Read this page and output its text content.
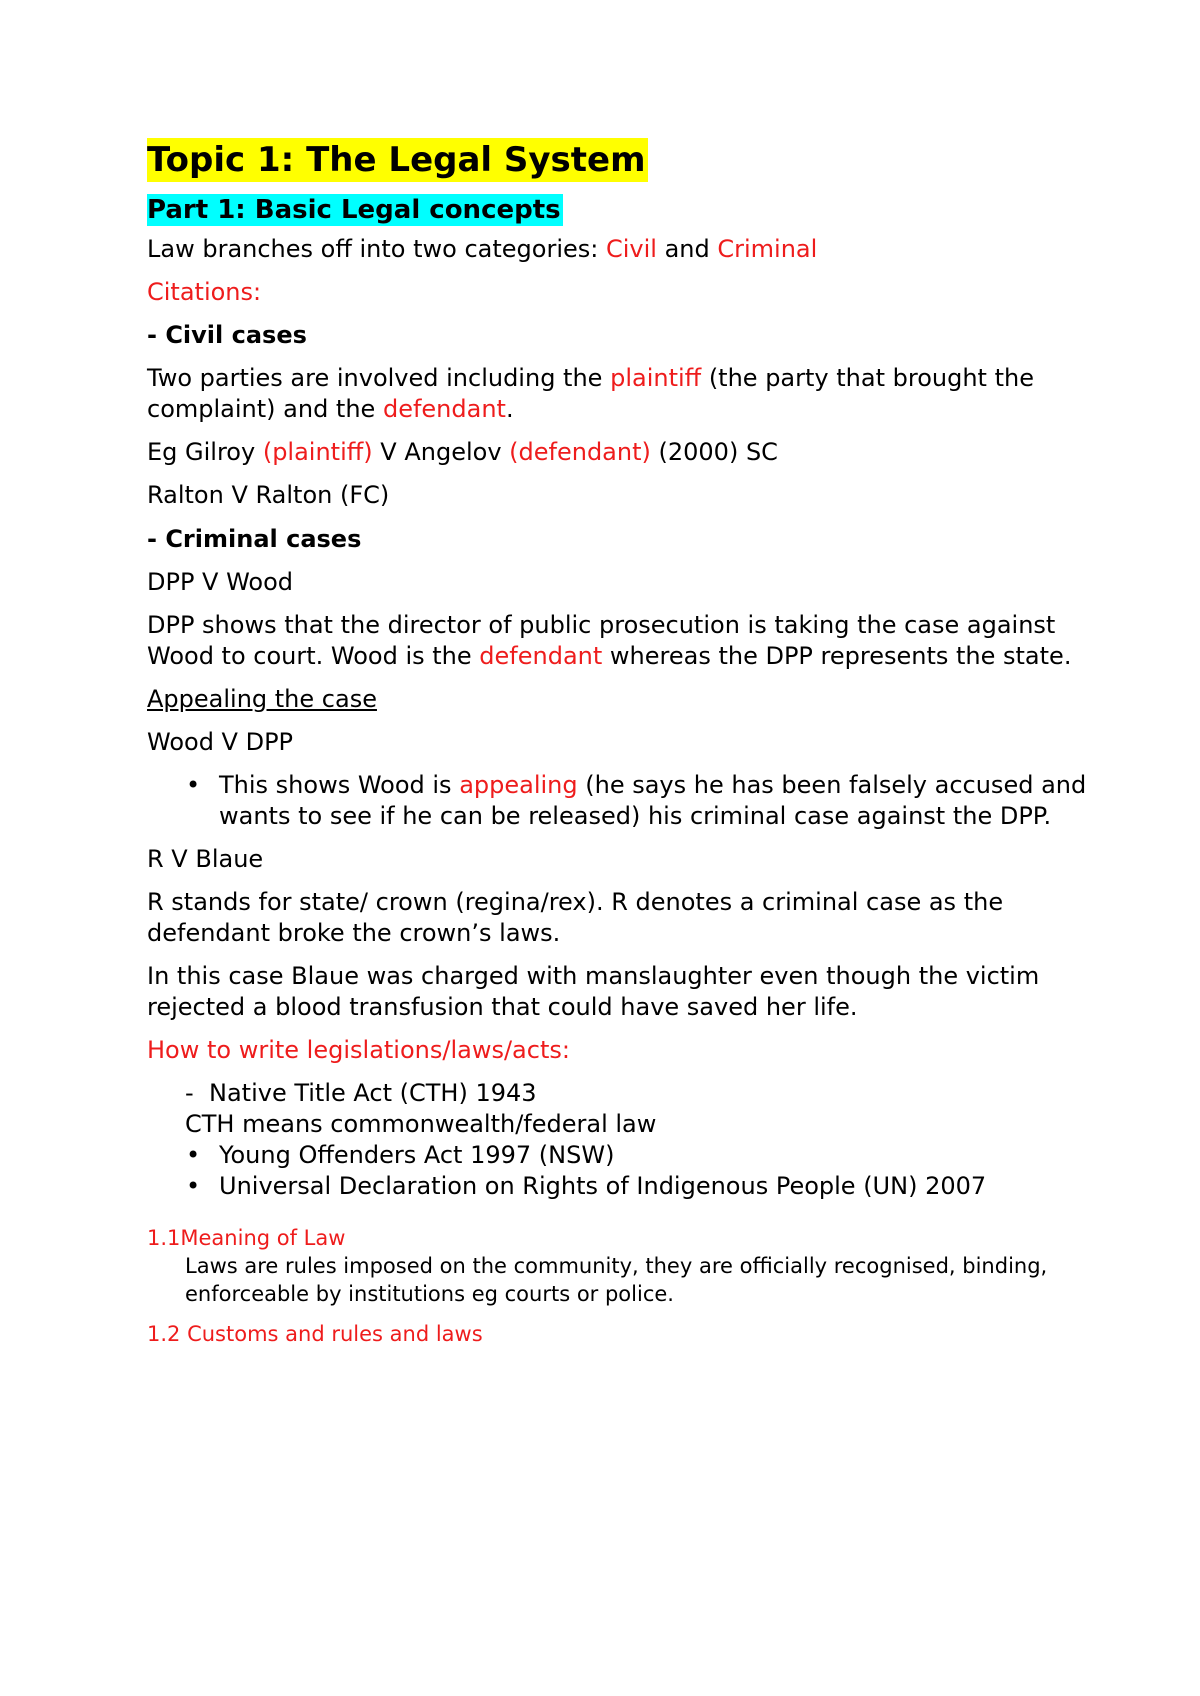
Topic 1: The Legal System
Part 1: Basic Legal concepts

Law branches off into two categories: Civil and Criminal

Citations:

- Civil cases

Two parties are involved including the plaintiff (the party that brought the complaint) and the defendant.

Eg Gilroy (plaintiff) V Angelov (defendant) (2000) SC

Ralton V Ralton (FC)

- Criminal cases

DPP V Wood

DPP shows that the director of public prosecution is taking the case against Wood to court. Wood is the defendant whereas the DPP represents the state.

Appealing the case

Wood V DPP

• This shows Wood is appealing (he says he has been falsely accused and wants to see if he can be released) his criminal case against the DPP.

R V Blaue

R stands for state/ crown (regina/rex). R denotes a criminal case as the defendant broke the crown’s laws.

In this case Blaue was charged with manslaughter even though the victim rejected a blood transfusion that could have saved her life.

How to write legislations/laws/acts:

- Native Title Act (CTH) 1943

CTH means commonwealth/federal law

• Young Offenders Act 1997 (NSW)
• Universal Declaration on Rights of Indigenous People (UN) 2007

1.1Meaning of Law

Laws are rules imposed on the community, they are officially recognised, binding, enforceable by institutions eg courts or police.

1.2 Customs and rules and laws
